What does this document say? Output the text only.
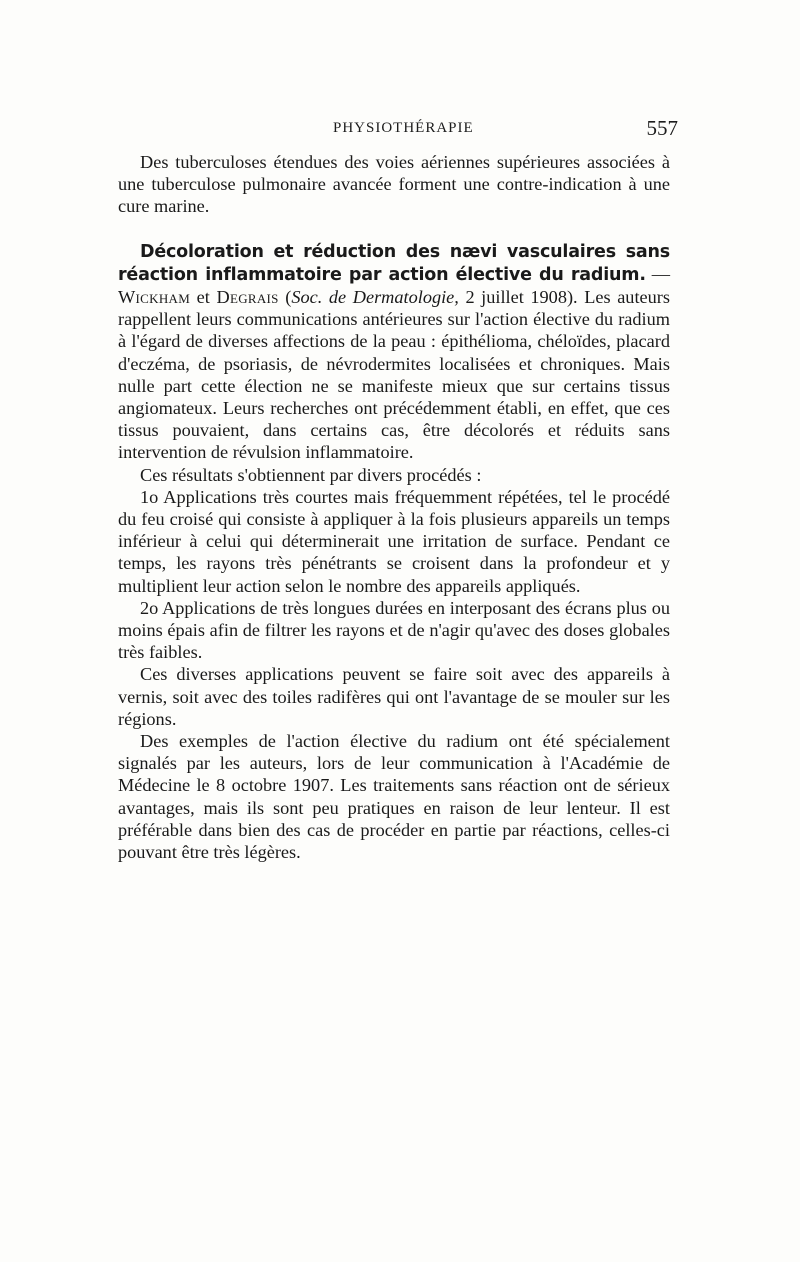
PHYSIOTHÉRAPIE	557

Des tuberculoses étendues des voies aériennes supérieures associées à une tuberculose pulmonaire avancée forment une contre-indication à une cure marine.

Décoloration et réduction des nævi vasculaires sans réaction inflammatoire par action élective du radium. — Wickham et Degrais (Soc. de Dermatologie, 2 juillet 1908). Les auteurs rappellent leurs communications antérieures sur l'action élective du radium à l'égard de diverses affections de la peau : épithélioma, chéloïdes, placard d'eczéma, de psoriasis, de névrodermites localisées et chroniques. Mais nulle part cette élection ne se manifeste mieux que sur certains tissus angiomateux. Leurs recherches ont précédemment établi, en effet, que ces tissus pouvaient, dans certains cas, être décolorés et réduits sans intervention de révulsion inflammatoire.

Ces résultats s'obtiennent par divers procédés :

1o Applications très courtes mais fréquemment répétées, tel le procédé du feu croisé qui consiste à appliquer à la fois plusieurs appareils un temps inférieur à celui qui déterminerait une irritation de surface. Pendant ce temps, les rayons très pénétrants se croisent dans la profondeur et y multiplient leur action selon le nombre des appareils appliqués.

2o Applications de très longues durées en interposant des écrans plus ou moins épais afin de filtrer les rayons et de n'agir qu'avec des doses globales très faibles.

Ces diverses applications peuvent se faire soit avec des appareils à vernis, soit avec des toiles radifères qui ont l'avantage de se mouler sur les régions.

Des exemples de l'action élective du radium ont été spécialement signalés par les auteurs, lors de leur communication à l'Académie de Médecine le 8 octobre 1907. Les traitements sans réaction ont de sérieux avantages, mais ils sont peu pratiques en raison de leur lenteur. Il est préférable dans bien des cas de procéder en partie par réactions, celles-ci pouvant être très légères.
